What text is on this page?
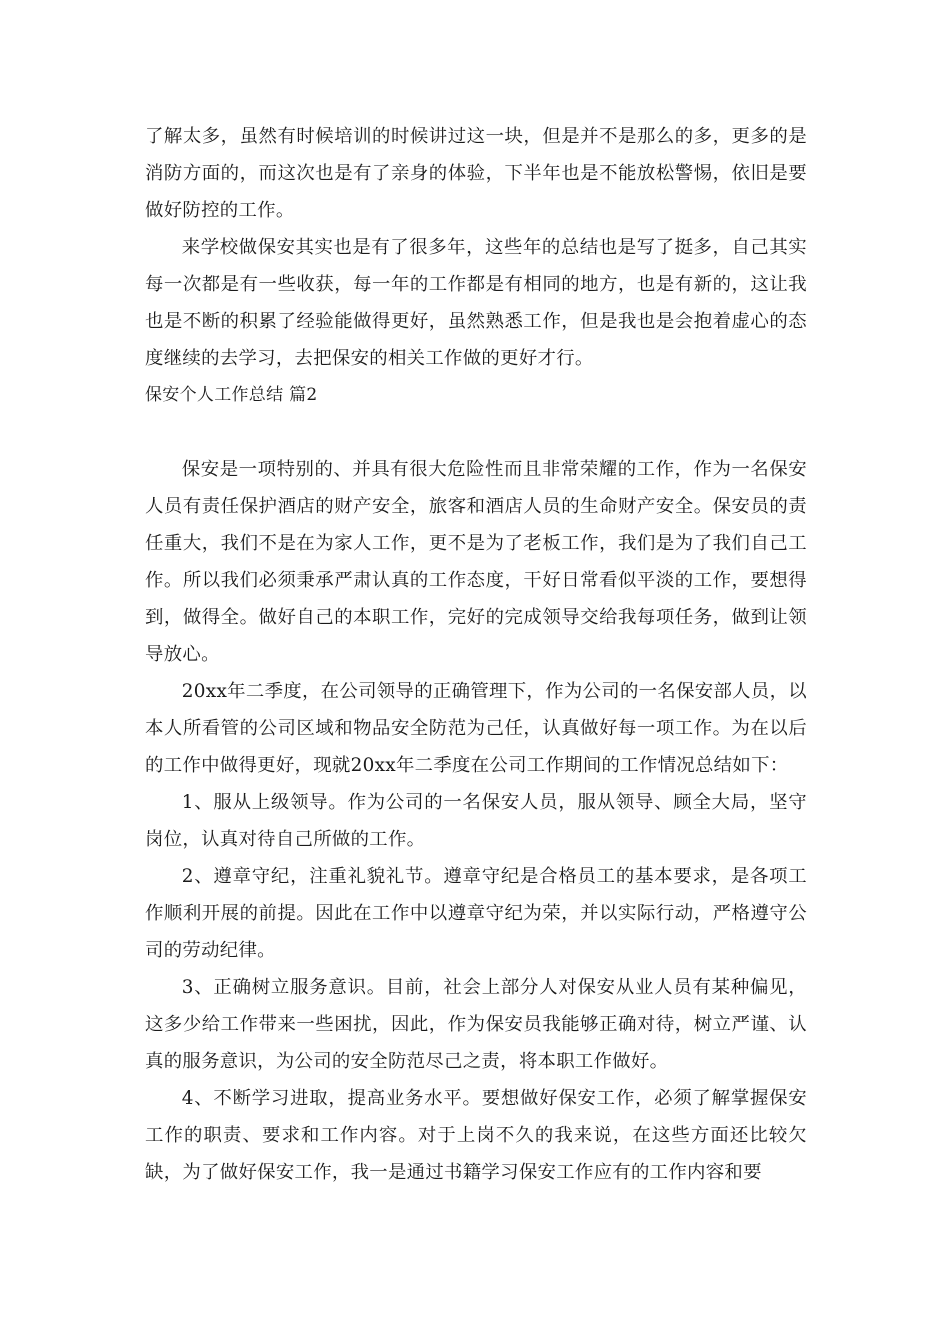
了解太多，虽然有时候培训的时候讲过这一块，但是并不是那么的多，更多的是消防方面的，而这次也是有了亲身的体验，下半年也是不能放松警惕，依旧是要做好防控的工作。

来学校做保安其实也是有了很多年，这些年的总结也是写了挺多，自己其实每一次都是有一些收获，每一年的工作都是有相同的地方，也是有新的，这让我也是不断的积累了经验能做得更好，虽然熟悉工作，但是我也是会抱着虚心的态度继续的去学习，去把保安的相关工作做的更好才行。

保安个人工作总结 篇2

保安是一项特别的、并具有很大危险性而且非常荣耀的工作，作为一名保安人员有责任保护酒店的财产安全，旅客和酒店人员的生命财产安全。保安员的责任重大，我们不是在为家人工作，更不是为了老板工作，我们是为了我们自己工作。所以我们必须秉承严肃认真的工作态度，干好日常看似平淡的工作，要想得到，做得全。做好自己的本职工作，完好的完成领导交给我每项任务，做到让领导放心。

20xx年二季度，在公司领导的正确管理下，作为公司的一名保安部人员，以本人所看管的公司区域和物品安全防范为己任，认真做好每一项工作。为在以后的工作中做得更好，现就20xx年二季度在公司工作期间的工作情况总结如下：

1、服从上级领导。作为公司的一名保安人员，服从领导、顾全大局，坚守岗位，认真对待自己所做的工作。

2、遵章守纪，注重礼貌礼节。遵章守纪是合格员工的基本要求，是各项工作顺利开展的前提。因此在工作中以遵章守纪为荣，并以实际行动，严格遵守公司的劳动纪律。

3、正确树立服务意识。目前，社会上部分人对保安从业人员有某种偏见，这多少给工作带来一些困扰，因此，作为保安员我能够正确对待，树立严谨、认真的服务意识，为公司的安全防范尽己之责，将本职工作做好。

4、不断学习进取，提高业务水平。要想做好保安工作，必须了解掌握保安工作的职责、要求和工作内容。对于上岗不久的我来说，在这些方面还比较欠缺，为了做好保安工作，我一是通过书籍学习保安工作应有的工作内容和要
